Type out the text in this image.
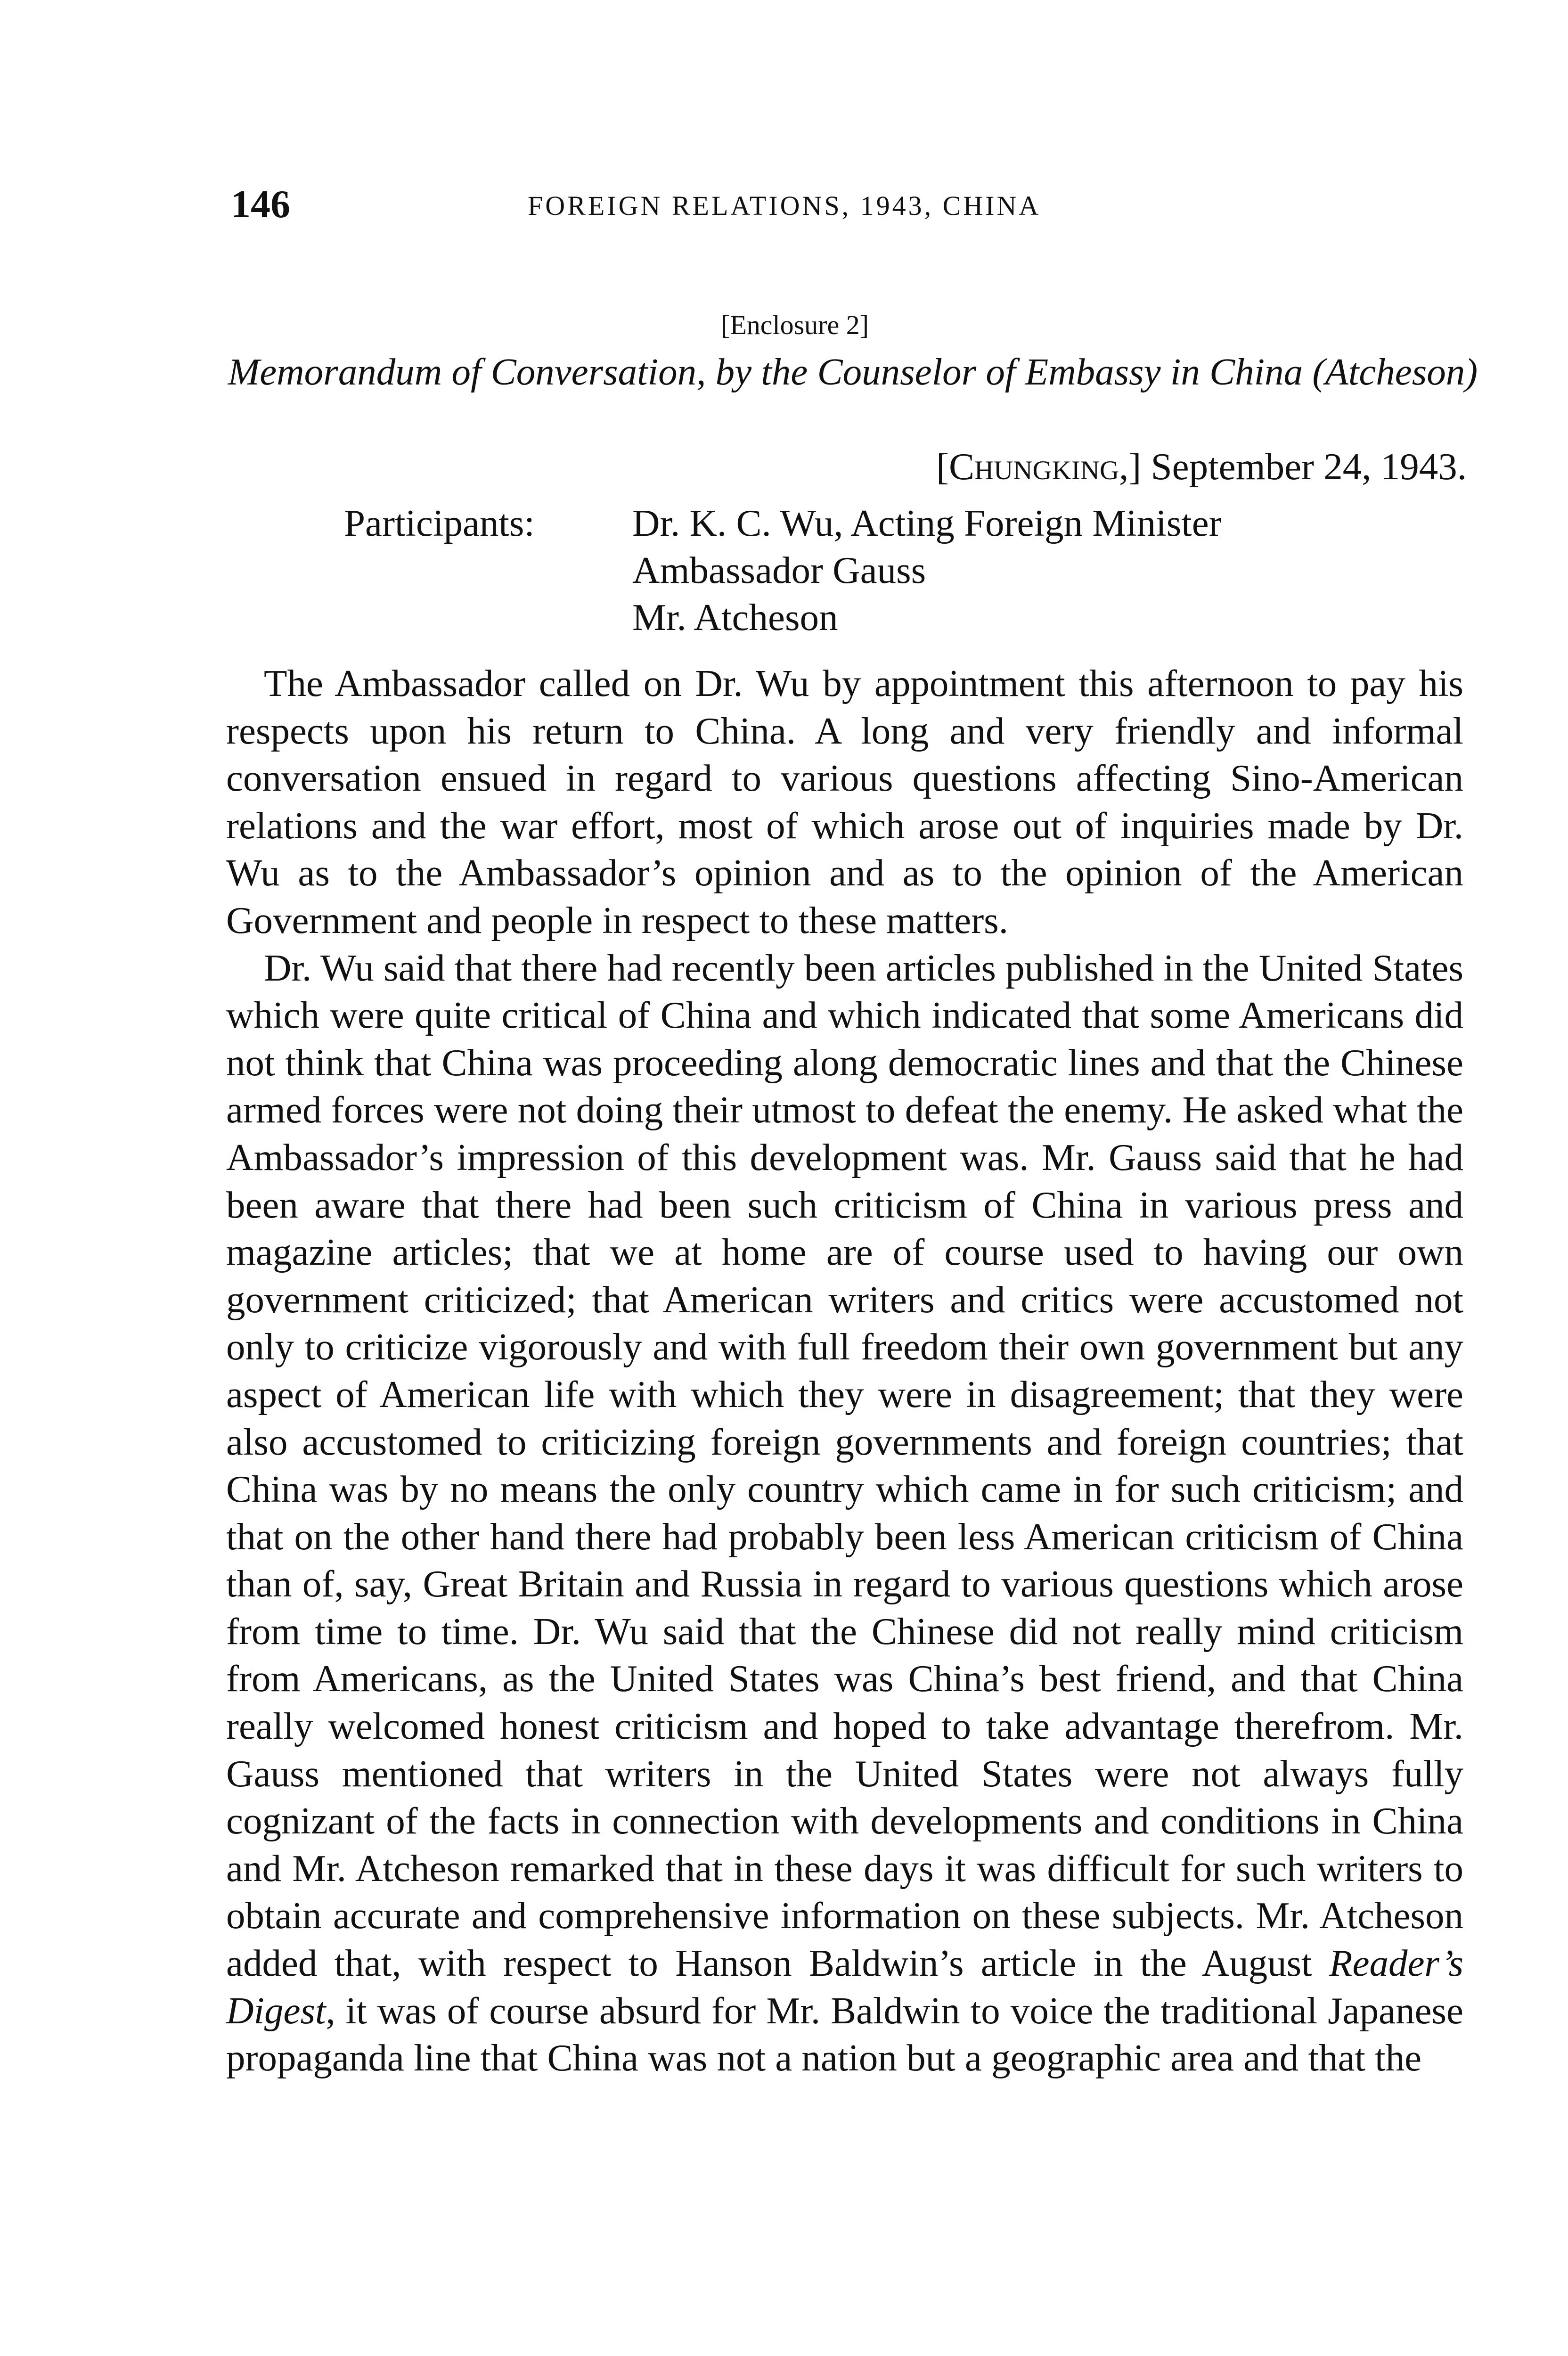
146	FOREIGN RELATIONS, 1943, CHINA
[Enclosure 2]
Memorandum of Conversation, by the Counselor of Embassy in China (Atcheson)
[Chungking,] September 24, 1943.
Participants:	Dr. K. C. Wu, Acting Foreign Minister
Ambassador Gauss
Mr. Atcheson

The Ambassador called on Dr. Wu by appointment this afternoon to pay his respects upon his return to China. A long and very friendly and informal conversation ensued in regard to various questions affecting Sino-American relations and the war effort, most of which arose out of inquiries made by Dr. Wu as to the Ambassador’s opinion and as to the opinion of the American Government and people in respect to these matters.

Dr. Wu said that there had recently been articles published in the United States which were quite critical of China and which indicated that some Americans did not think that China was proceeding along democratic lines and that the Chinese armed forces were not doing their utmost to defeat the enemy. He asked what the Ambassador’s impression of this development was. Mr. Gauss said that he had been aware that there had been such criticism of China in various press and magazine articles; that we at home are of course used to having our own government criticized; that American writers and critics were accustomed not only to criticize vigorously and with full freedom their own government but any aspect of American life with which they were in disagreement; that they were also accustomed to criticizing foreign governments and foreign countries; that China was by no means the only country which came in for such criticism; and that on the other hand there had probably been less American criticism of China than of, say, Great Britain and Russia in regard to various questions which arose from time to time. Dr. Wu said that the Chinese did not really mind criticism from Americans, as the United States was China’s best friend, and that China really welcomed honest criticism and hoped to take advantage therefrom. Mr. Gauss mentioned that writers in the United States were not always fully cognizant of the facts in connection with developments and conditions in China and Mr. Atcheson remarked that in these days it was difficult for such writers to obtain accurate and comprehensive information on these subjects. Mr. Atcheson added that, with respect to Hanson Baldwin’s article in the August Reader’s Digest, it was of course absurd for Mr. Baldwin to voice the traditional Japanese propaganda line that China was not a nation but a geographic area and that the
